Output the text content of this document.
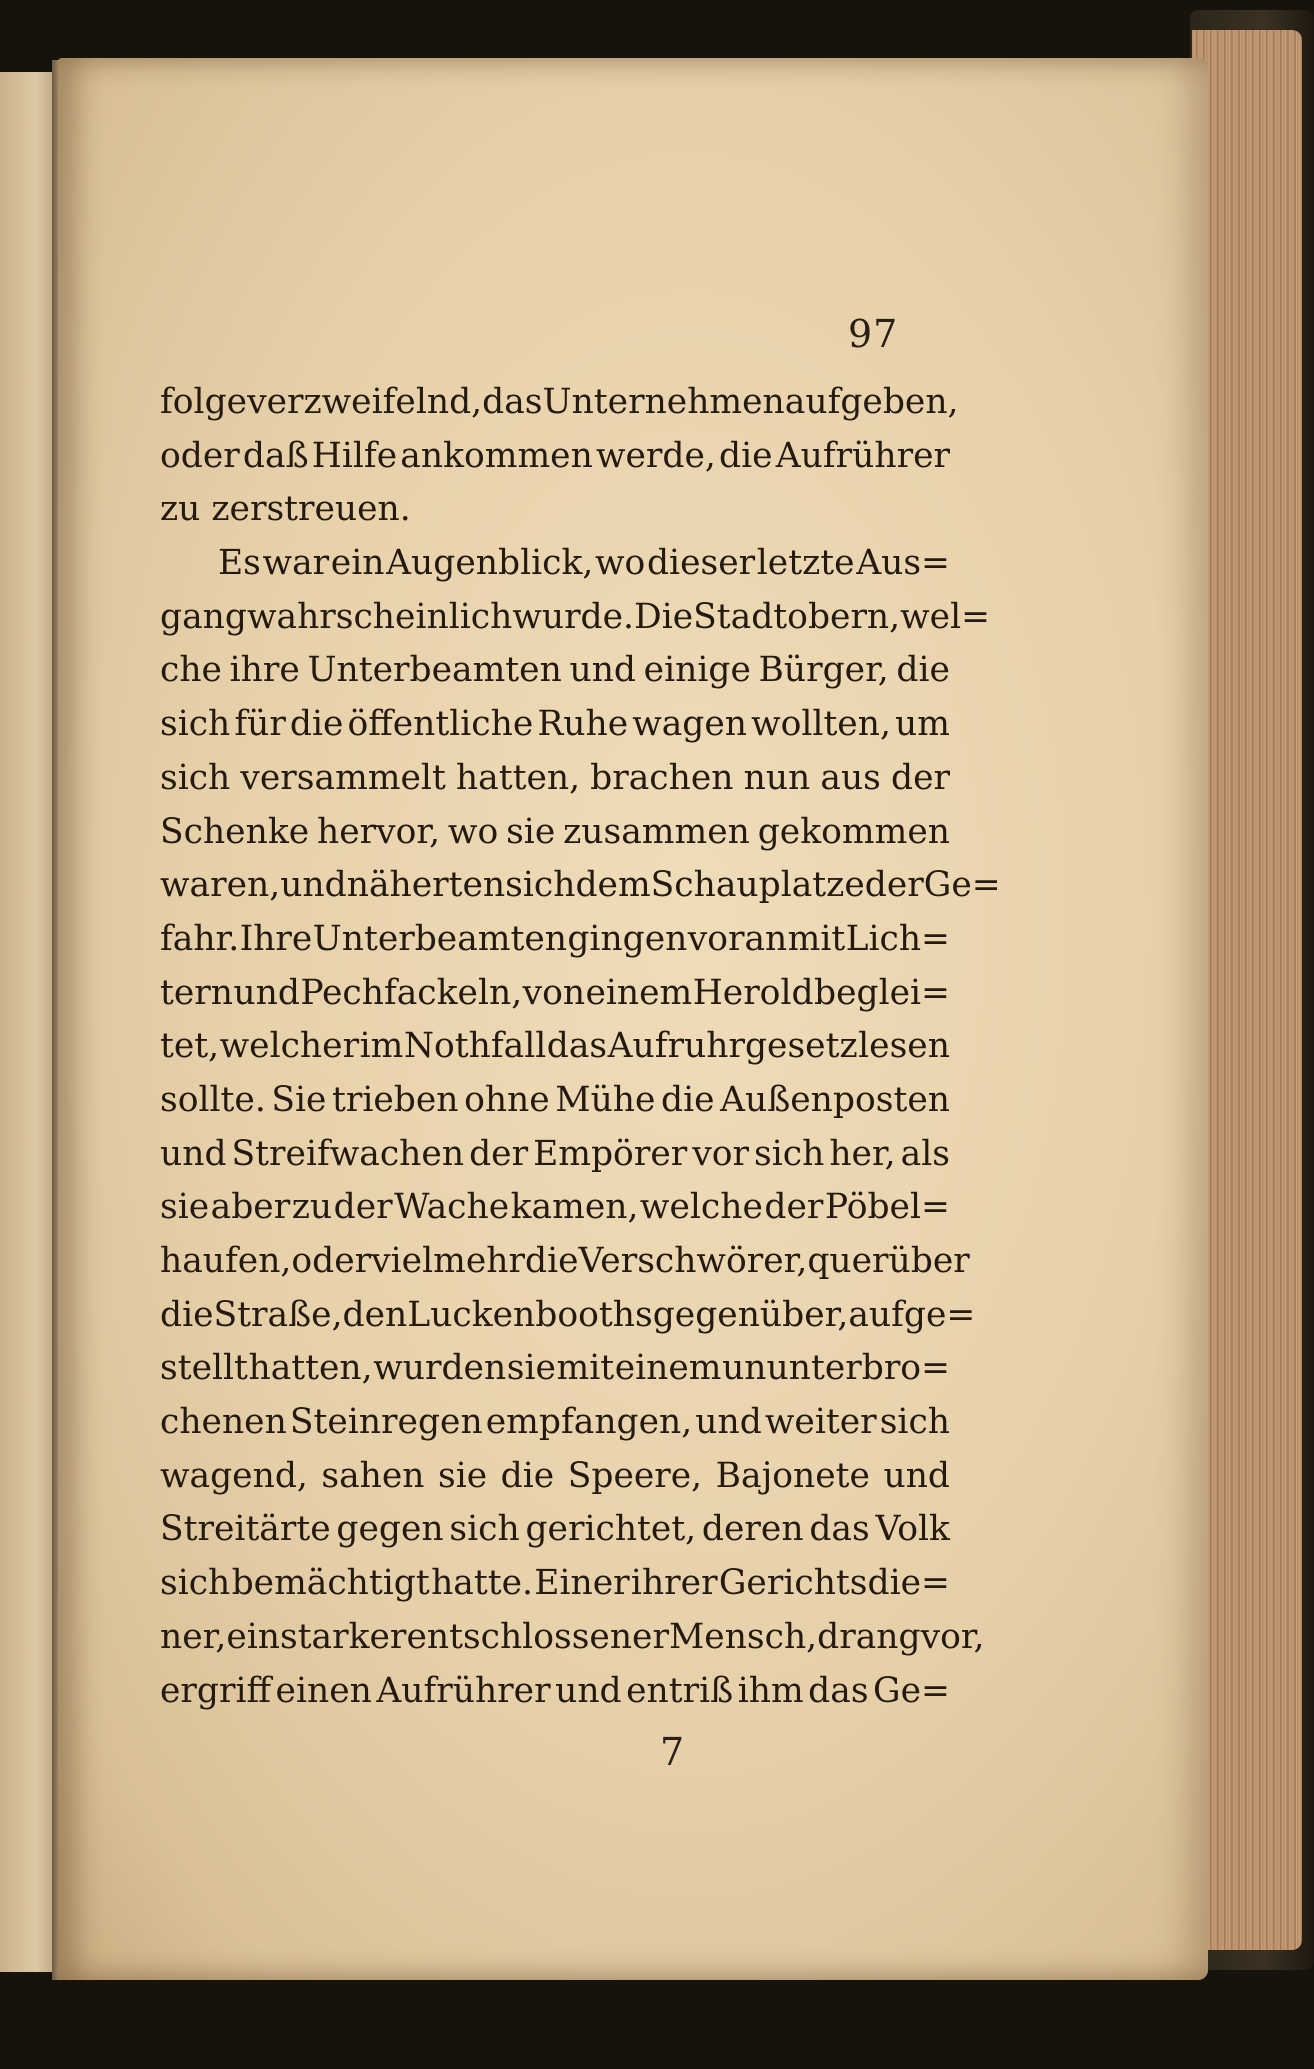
97
folge verzweifelnd, das Unternehmen aufgeben,
oder daß Hilfe ankommen werde, die Aufrührer
zu zerstreuen.
Es war ein Augenblick, wo dieser letzte Aus=
gang wahrscheinlich wurde. Die Stadtobern, wel=
che ihre Unterbeamten und einige Bürger, die
sich für die öffentliche Ruhe wagen wollten, um
sich versammelt hatten, brachen nun aus der
Schenke hervor, wo sie zusammen gekommen
waren, und näherten sich dem Schauplatze der Ge=
fahr. Ihre Unterbeamten gingen voran mit Lich=
tern und Pechfackeln, von einem Herold beglei=
tet, welcher im Nothfall das Aufruhrgesetz lesen
sollte. Sie trieben ohne Mühe die Außenposten
und Streifwachen der Empörer vor sich her, als
sie aber zu der Wache kamen, welche der Pöbel=
haufen, oder vielmehr die Verschwörer, quer über
die Straße, den Luckenbooths gegenüber, aufge=
stellt hatten, wurden sie mit einem ununterbro=
chenen Steinregen empfangen, und weiter sich
wagend, sahen sie die Speere, Bajonete und
Streitärte gegen sich gerichtet, deren das Volk
sich bemächtigt hatte. Einer ihrer Gerichtsdie=
ner, ein starker entschlossener Mensch, drang vor,
ergriff einen Aufrührer und entriß ihm das Ge=
7
